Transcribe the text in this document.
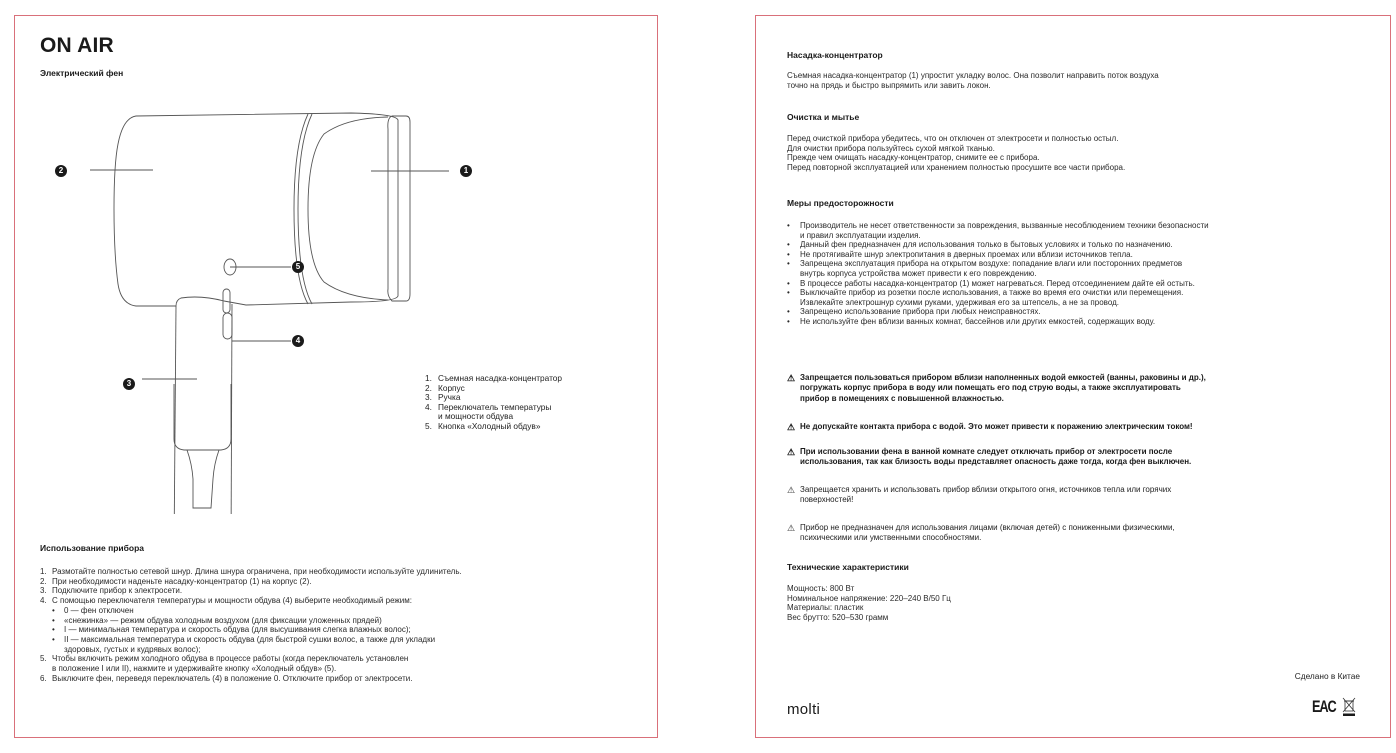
ON AIR
Электрический фен
1
2
3
4
5
1. Съемная насадка-концентратор
2. Корпус
3. Ручка
4. Переключатель температуры
и мощности обдува
5. Кнопка «Холодный обдув»
Использование прибора
1. Размотайте полностью сетевой шнур. Длина шнура ограничена, при необходимости используйте удлинитель.
2. При необходимости наденьте насадку-концентратор (1) на корпус (2).
3. Подключите прибор к электросети.
4. С помощью переключателя температуры и мощности обдува (4) выберите необходимый режим:
•	0 — фен отключен
•	«снежинка» — режим обдува холодным воздухом (для фиксации уложенных прядей)
•	I — минимальная температура и скорость обдува (для высушивания слегка влажных волос);
•	II — максимальная температура и скорость обдува (для быстрой сушки волос, а также для укладки
здоровых, густых и кудрявых волос);
5. Чтобы включить режим холодного обдува в процессе работы (когда переключатель установлен
в положение I или II), нажмите и удерживайте кнопку «Холодный обдув» (5).
6. Выключите фен, переведя переключатель (4) в положение 0. Отключите прибор от электросети.
Насадка-концентратор
Съемная насадка-концентратор (1) упростит укладку волос. Она позволит направить поток воздуха
точно на прядь и быстро выпрямить или завить локон.
Очистка и мытье
Перед очисткой прибора убедитесь, что он отключен от электросети и полностью остыл.
Для очистки прибора пользуйтесь сухой мягкой тканью.
Прежде чем очищать насадку-концентратор, снимите ее с прибора.
Перед повторной эксплуатацией или хранением полностью просушите все части прибора.
Меры предосторожности
•	Производитель не несет ответственности за повреждения, вызванные несоблюдением техники безопасности
и правил эксплуатации изделия.
•	Данный фен предназначен для использования только в бытовых условиях и только по назначению.
•	Не протягивайте шнур электропитания в дверных проемах или вблизи источников тепла.
•	Запрещена эксплуатация прибора на открытом воздухе: попадание влаги или посторонних предметов
внутрь корпуса устройства может привести к его повреждению.
•	В процессе работы насадка-концентратор (1) может нагреваться. Перед отсоединением дайте ей остыть.
•	Выключайте прибор из розетки после использования, а также во время его очистки или перемещения.
Извлекайте электрошнур сухими руками, удерживая его за штепсель, а не за провод.
•	Запрещено использование прибора при любых неисправностях.
•	Не используйте фен вблизи ванных комнат, бассейнов или других емкостей, содержащих воду.
⚠ Запрещается пользоваться прибором вблизи наполненных водой емкостей (ванны, раковины и др.),
погружать корпус прибора в воду или помещать его под струю воды, а также эксплуатировать
прибор в помещениях с повышенной влажностью.
⚠ Не допускайте контакта прибора с водой. Это может привести к поражению электрическим током!
⚠ При использовании фена в ванной комнате следует отключать прибор от электросети после
использования, так как близость воды представляет опасность даже тогда, когда фен выключен.
⚠ Запрещается хранить и использовать прибор вблизи открытого огня, источников тепла или горячих
поверхностей!
⚠ Прибор не предназначен для использования лицами (включая детей) с пониженными физическими,
психическими или умственными способностями.
Технические характеристики
Мощность: 800 Вт
Номинальное напряжение: 220–240 В/50 Гц
Материалы: пластик
Вес брутто: 520–530 грамм
Сделано в Китае
molti	EAC
